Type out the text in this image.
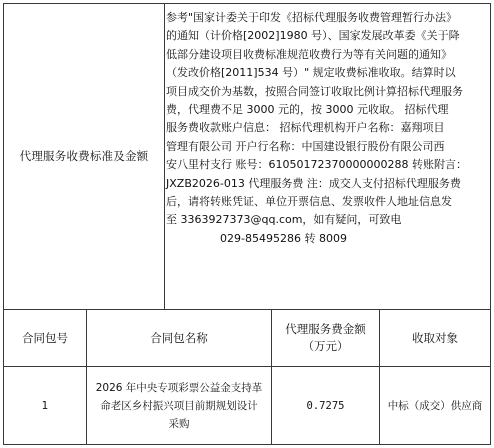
代理服务收费标准及金额
参考"国家计委关于印发《招标代理服务收费管理暂行办法》
的通知（计价格[2002]1980 号）、国家发展改革委《关于降
低部分建设项目收费标准规范收费行为等有关问题的通知》
（发改价格[2011]534 号）" 规定收费标准收取。结算时以
项目成交价为基数，按照合同签订收取比例计算招标代理服务
费，代理费不足 3000 元的，按 3000 元收取。 招标代理
服务费收款账户信息： 招标代理机构开户名称：嘉翔项目
管理有限公司 开户行名称：中国建设银行股份有限公司西
安八里村支行 账号：61050172370000000288 转账附言：
JXZB2026-013 代理服务费 注：成交人支付招标代理服务费
后，请将转账凭证、单位开票信息、发票收件人地址信息发
至 3363927373@qq.com，如有疑问，可致电
029-85495286 转 8009
合同包号	合同包名称
代理服务费金额
（万元）
收取对象
1
2026 年中央专项彩票公益金支持革
命老区乡村振兴项目前期规划设计
采购
0.7275	中标（成交）供应商
